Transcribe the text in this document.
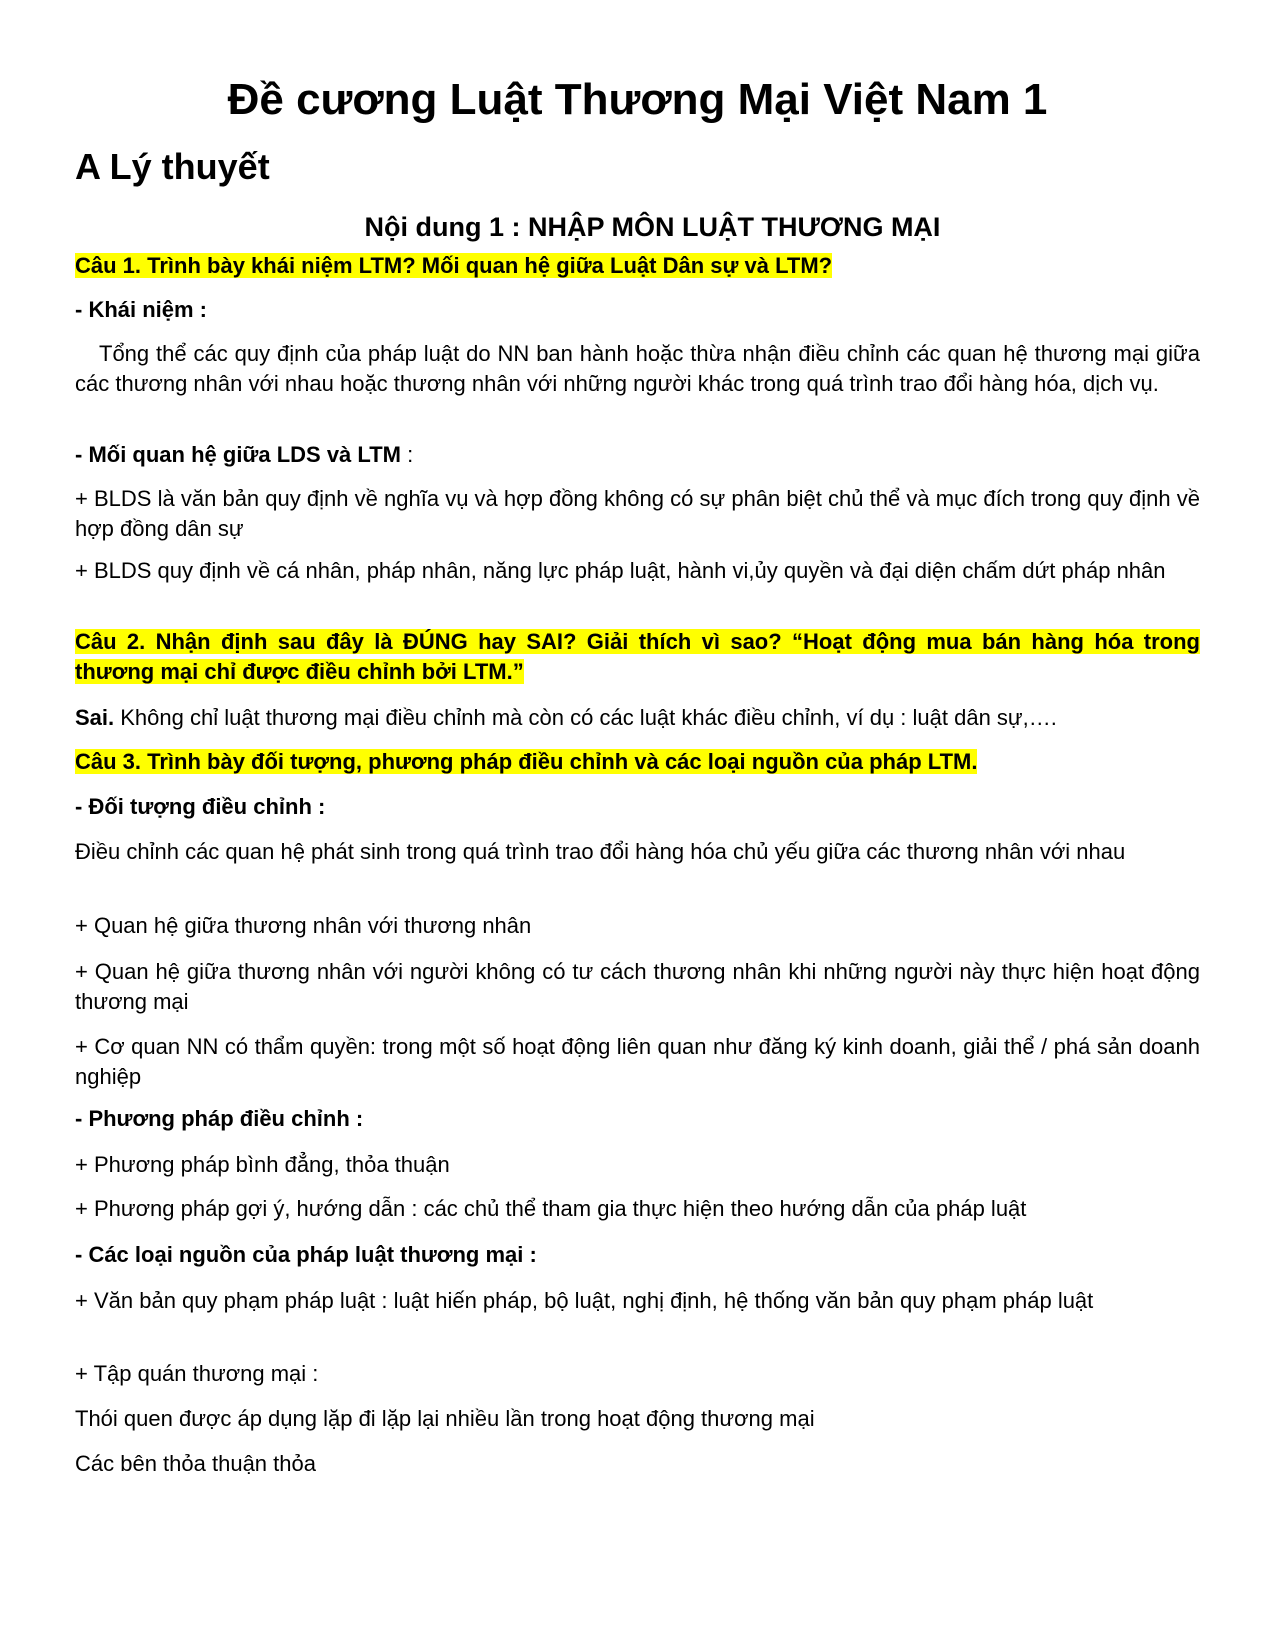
Đề cương Luật Thương Mại Việt Nam 1
A Lý thuyết
Nội dung 1 : NHẬP MÔN LUẬT THƯƠNG MẠI

Câu 1. Trình bày khái niệm LTM? Mối quan hệ giữa Luật Dân sự và LTM?

- Khái niệm :

Tổng thể các quy định của pháp luật do NN ban hành hoặc thừa nhận điều chỉnh các quan hệ thương mại giữa các thương nhân với nhau hoặc thương nhân với những người khác trong quá trình trao đổi hàng hóa, dịch vụ.

- Mối quan hệ giữa LDS và LTM :

+ BLDS là văn bản quy định về nghĩa vụ và hợp đồng không có sự phân biệt chủ thể và mục đích trong quy định về hợp đồng dân sự

+ BLDS quy định về cá nhân, pháp nhân, năng lực pháp luật, hành vi,ủy quyền và đại diện chấm dứt pháp nhân

Câu 2. Nhận định sau đây là ĐÚNG hay SAI? Giải thích vì sao? “Hoạt động mua bán hàng hóa trong thương mại chỉ được điều chỉnh bởi LTM.”

Sai. Không chỉ luật thương mại điều chỉnh mà còn có các luật khác điều chỉnh, ví dụ : luật dân sự,….

Câu 3. Trình bày đối tượng, phương pháp điều chỉnh và các loại nguồn của pháp LTM.

- Đối tượng điều chỉnh :

Điều chỉnh các quan hệ phát sinh trong quá trình trao đổi hàng hóa chủ yếu giữa các thương nhân với nhau

+ Quan hệ giữa thương nhân với thương nhân

+ Quan hệ giữa thương nhân với người không có tư cách thương nhân khi những người này thực hiện hoạt động thương mại

+ Cơ quan NN có thẩm quyền: trong một số hoạt động liên quan như đăng ký kinh doanh, giải thể / phá sản doanh nghiệp

- Phương pháp điều chỉnh :

+ Phương pháp bình đẳng, thỏa thuận

+ Phương pháp gợi ý, hướng dẫn : các chủ thể tham gia thực hiện theo hướng dẫn của pháp luật

- Các loại nguồn của pháp luật thương mại :

+ Văn bản quy phạm pháp luật : luật hiến pháp, bộ luật, nghị định, hệ thống văn bản quy phạm pháp luật

+ Tập quán thương mại :

Thói quen được áp dụng lặp đi lặp lại nhiều lần trong hoạt động thương mại

Các bên thỏa thuận thỏa
